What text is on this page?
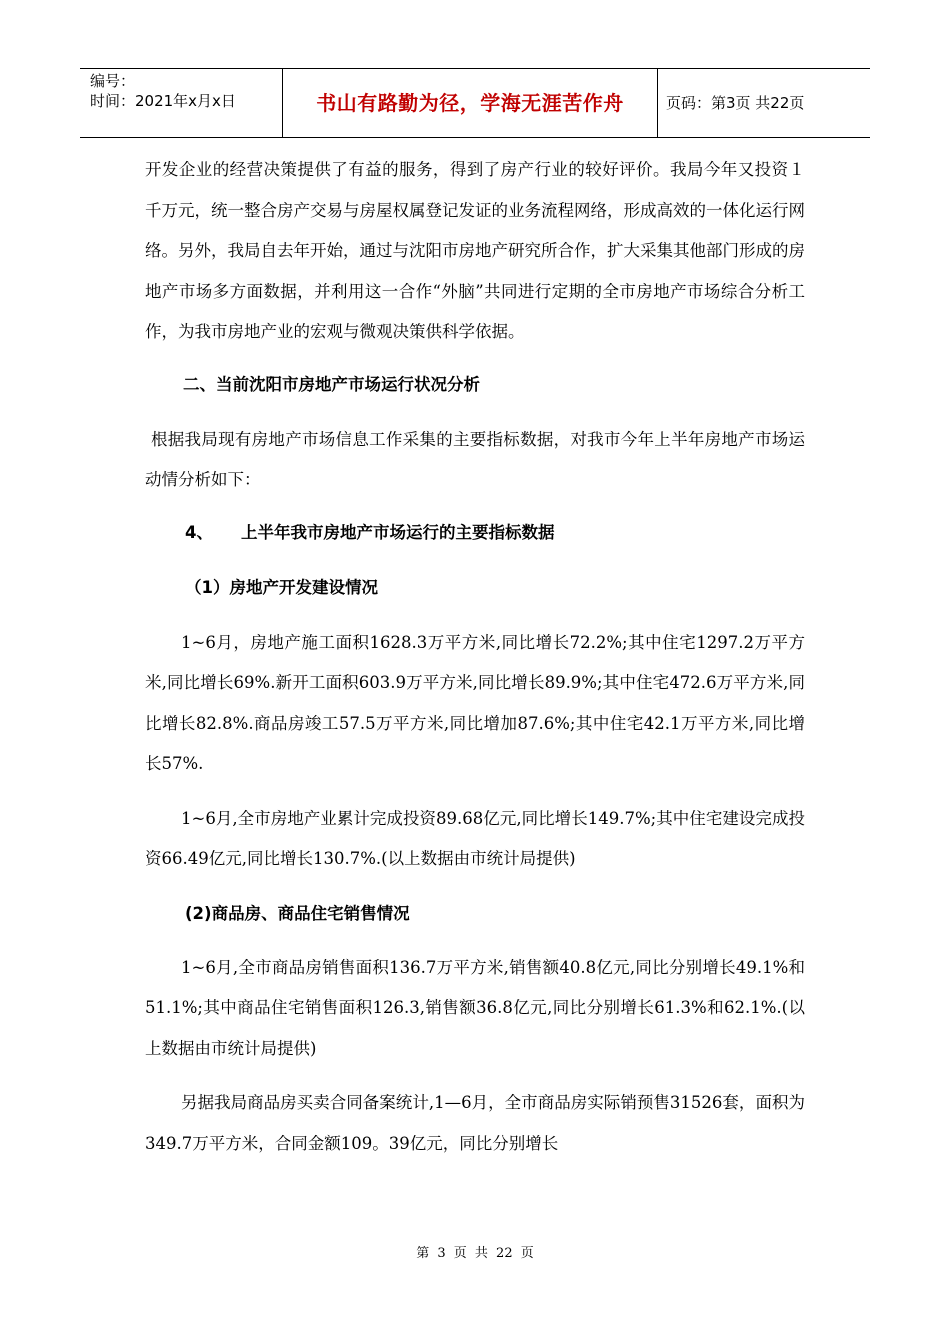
编号：
时间：2021年x月x日	书山有路勤为径，学海无涯苦作舟	页码：第3页 共22页

开发企业的经营决策提供了有益的服务，得到了房产行业的较好评价。我局今年又投资１ 千万元，统一整合房产交易与房屋权属登记发证的业务流程网络，形成高效的一体化运行网络。另外，我局自去年开始，通过与沈阳市房地产研究所合作，扩大采集其他部门形成的房地产市场多方面数据，并利用这一合作“外脑”共同进行定期的全市房地产市场综合分析工作，为我市房地产业的宏观与微观决策供科学依据。

二、当前沈阳市房地产市场运行状况分析

根据我局现有房地产市场信息工作采集的主要指标数据，对我市今年上半年房地产市场运动情分析如下：

4、 上半年我市房地产市场运行的主要指标数据

（1）房地产开发建设情况

1~6月，房地产施工面积1628.3万平方米,同比增长72.2%;其中住宅1297.2万平方米,同比增长69%.新开工面积603.9万平方米,同比增长89.9%;其中住宅472.6万平方米,同比增长82.8%.商品房竣工57.5万平方米,同比增加87.6%;其中住宅42.1万平方米,同比增长57%.

1~6月,全市房地产业累计完成投资89.68亿元,同比增长149.7%;其中住宅建设完成投资66.49亿元,同比增长130.7%.(以上数据由市统计局提供)

(2)商品房、商品住宅销售情况

1~6月,全市商品房销售面积136.7万平方米,销售额40.8亿元,同比分别增长49.1%和51.1%;其中商品住宅销售面积126.3,销售额36.8亿元,同比分别增长61.3%和62.1%.(以上数据由市统计局提供)

另据我局商品房买卖合同备案统计,1—6月，全市商品房实际销预售31526套，面积为349.7万平方米，合同金额109。39亿元，同比分别增长

第 3 页 共 22 页
